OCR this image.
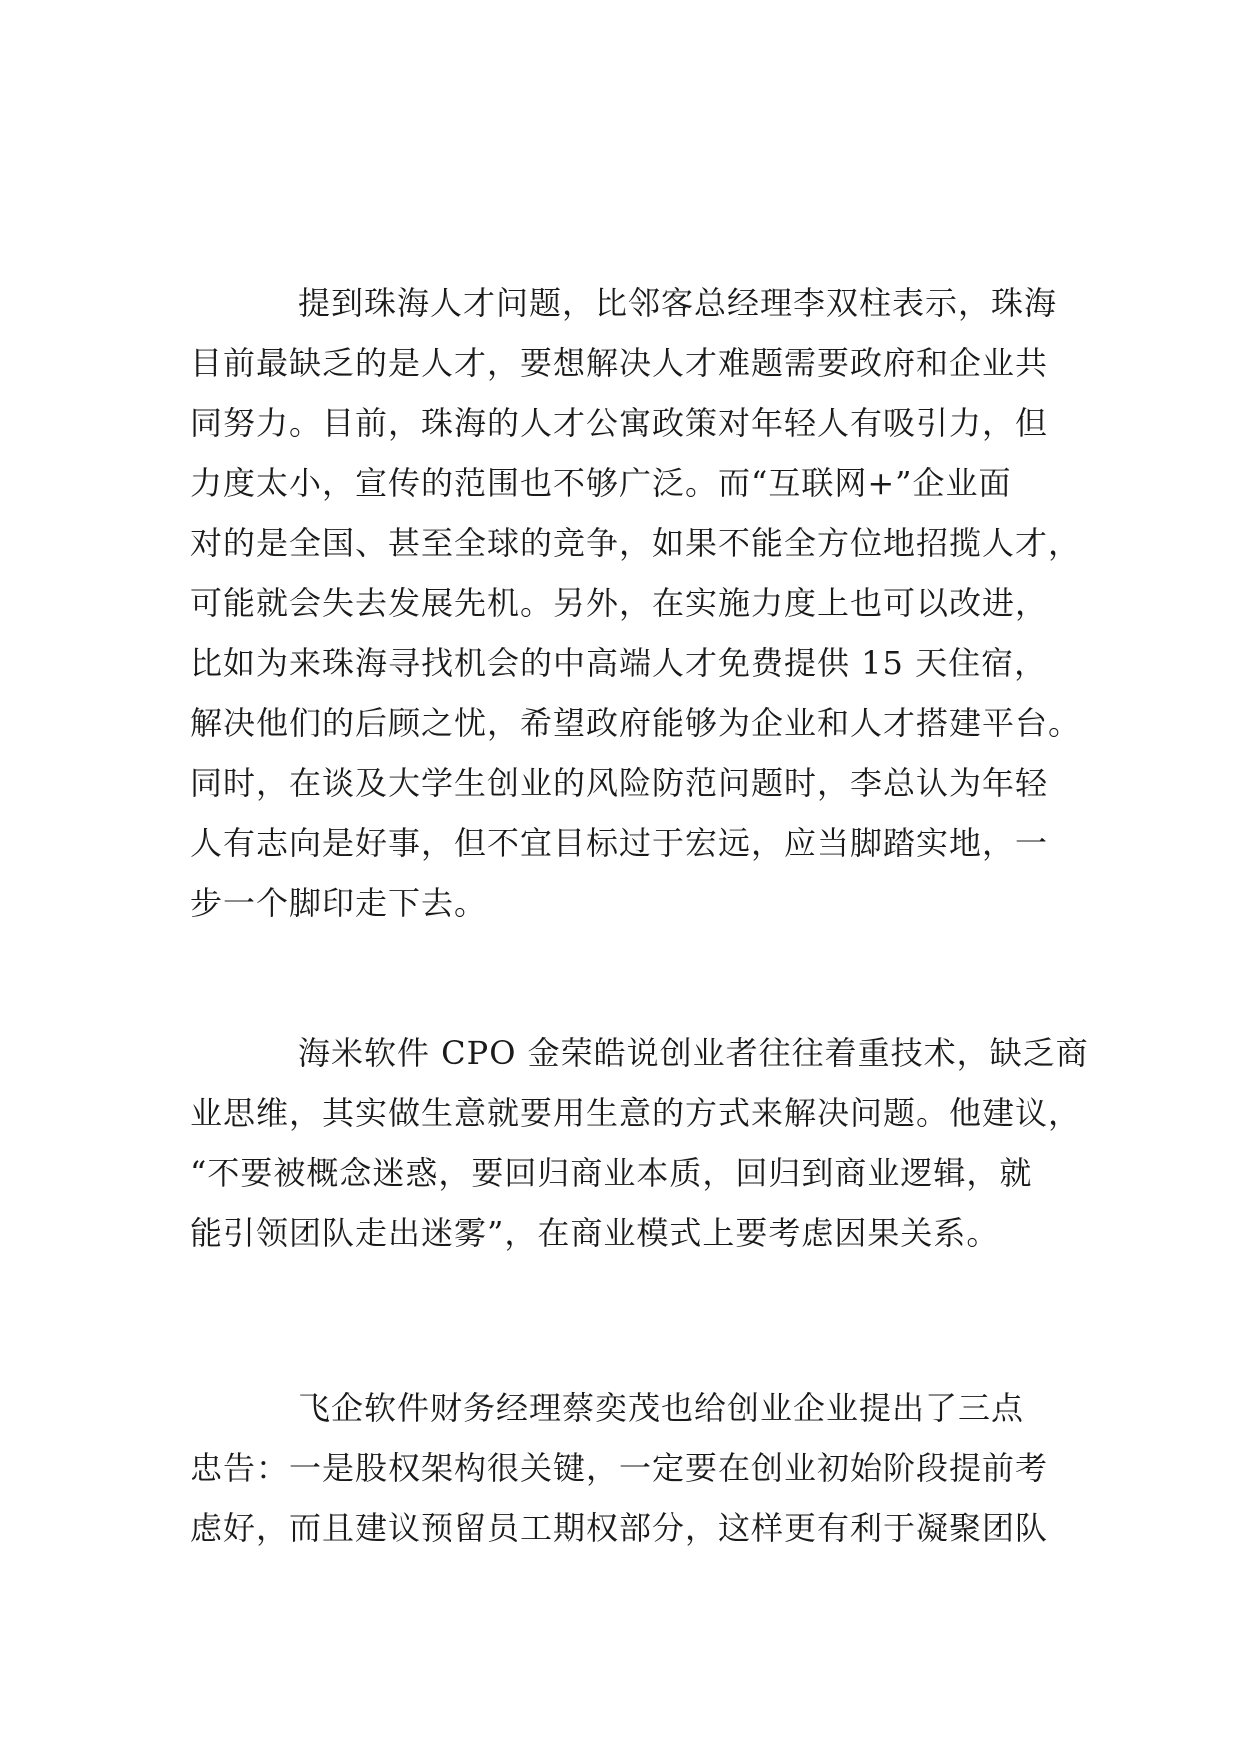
提到珠海人才问题，比邻客总经理李双柱表示，珠海
目前最缺乏的是人才，要想解决人才难题需要政府和企业共
同努力。目前，珠海的人才公寓政策对年轻人有吸引力，但
力度太小，宣传的范围也不够广泛。而“互联网+”企业面
对的是全国、甚至全球的竞争，如果不能全方位地招揽人才，
可能就会失去发展先机。另外，在实施力度上也可以改进，
比如为来珠海寻找机会的中高端人才免费提供 15 天住宿，
解决他们的后顾之忧，希望政府能够为企业和人才搭建平台。
同时，在谈及大学生创业的风险防范问题时，李总认为年轻
人有志向是好事，但不宜目标过于宏远，应当脚踏实地，一
步一个脚印走下去。
海米软件 CPO 金荣皓说创业者往往着重技术，缺乏商
业思维，其实做生意就要用生意的方式来解决问题。他建议，
“不要被概念迷惑，要回归商业本质，回归到商业逻辑，就
能引领团队走出迷雾”，在商业模式上要考虑因果关系。
飞企软件财务经理蔡奕茂也给创业企业提出了三点
忠告：一是股权架构很关键，一定要在创业初始阶段提前考
虑好，而且建议预留员工期权部分，这样更有利于凝聚团队
